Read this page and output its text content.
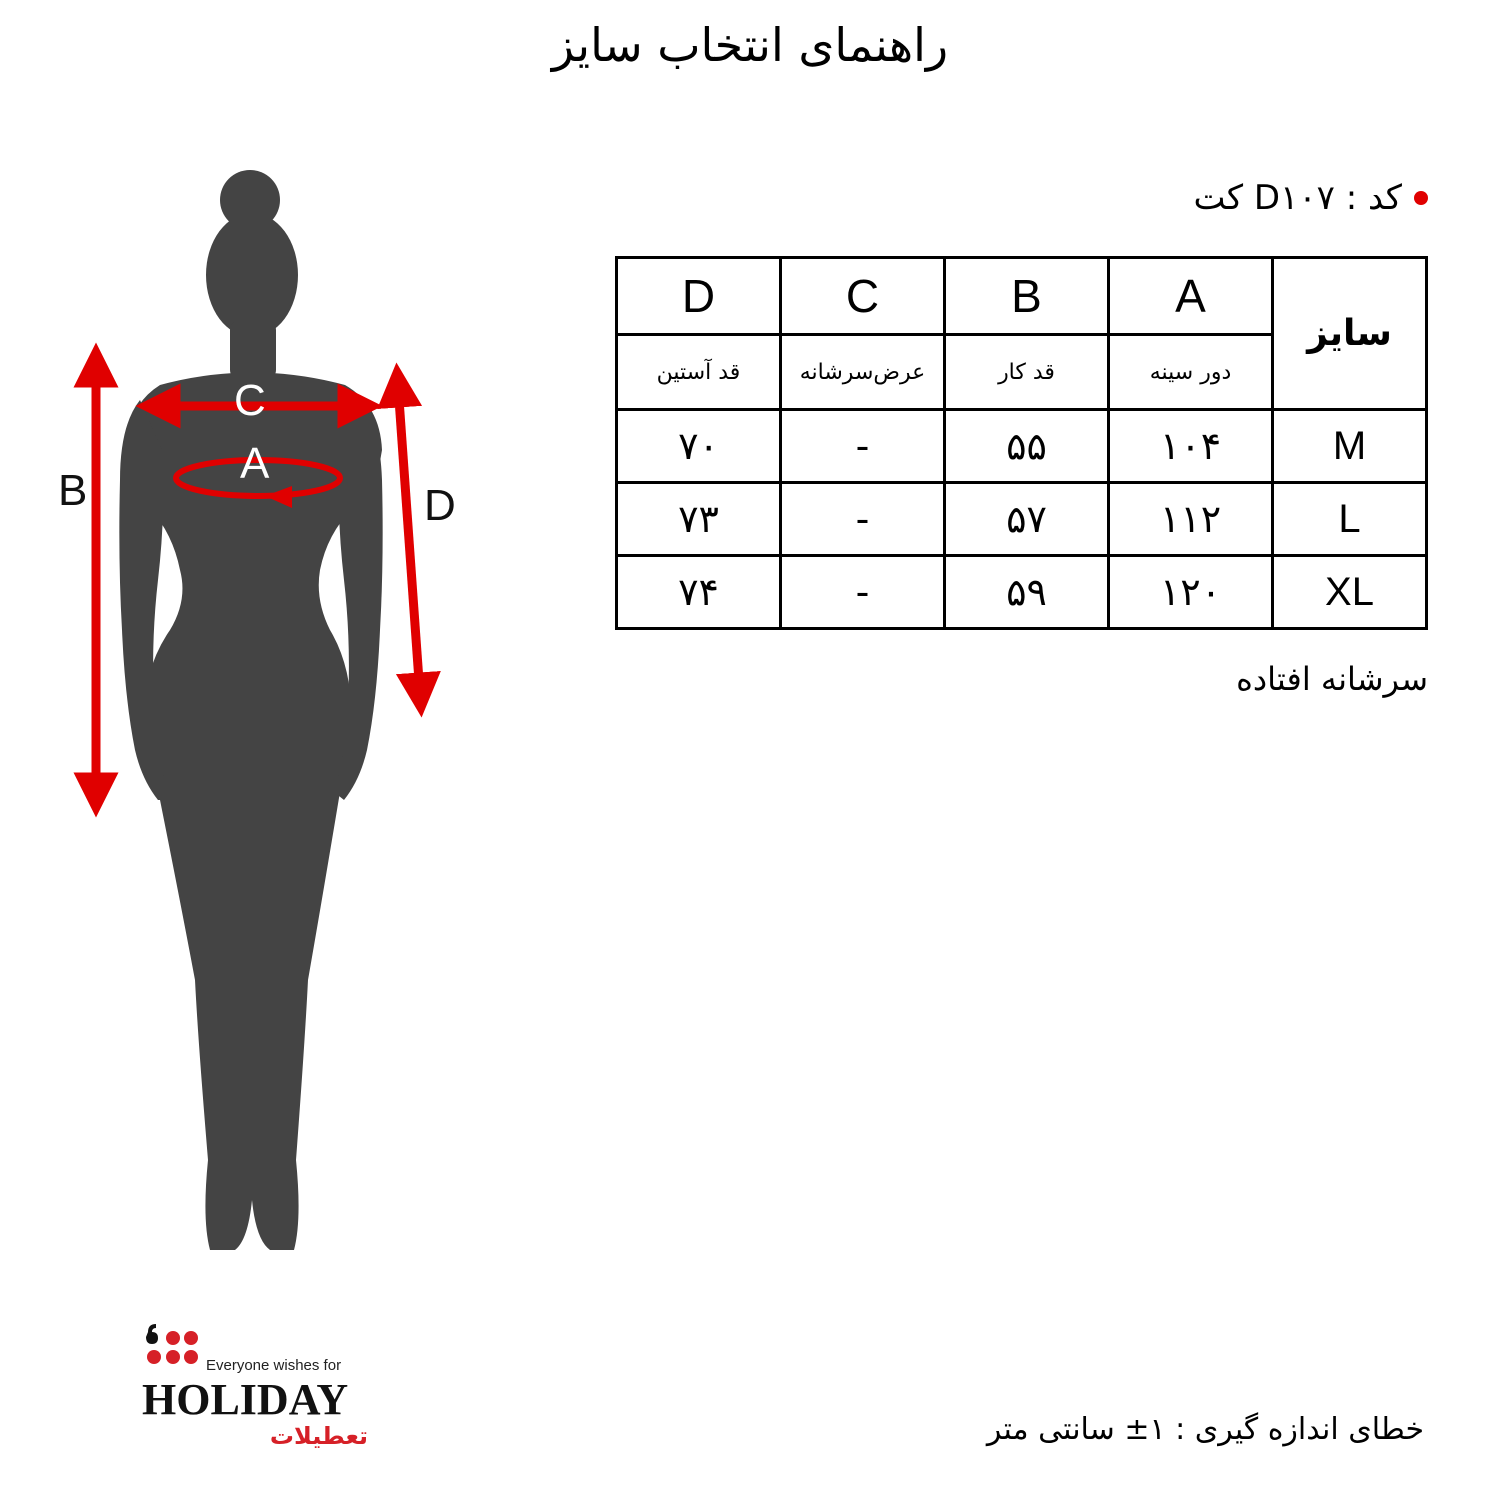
راهنمای انتخاب سایز
B
C
A
D
کد : D۱۰۷ کت
سایز	A	B	C	D
	دور سینه	قد کار	عرض‌سرشانه	قد آستین
M	۱۰۴	۵۵	-	۷۰
L	۱۱۲	۵۷	-	۷۳
XL	۱۲۰	۵۹	-	۷۴
سرشانه افتاده
خطای اندازه گیری : ۱± سانتی متر
Everyone wishes for
HOLIDAY
تعطیلات
